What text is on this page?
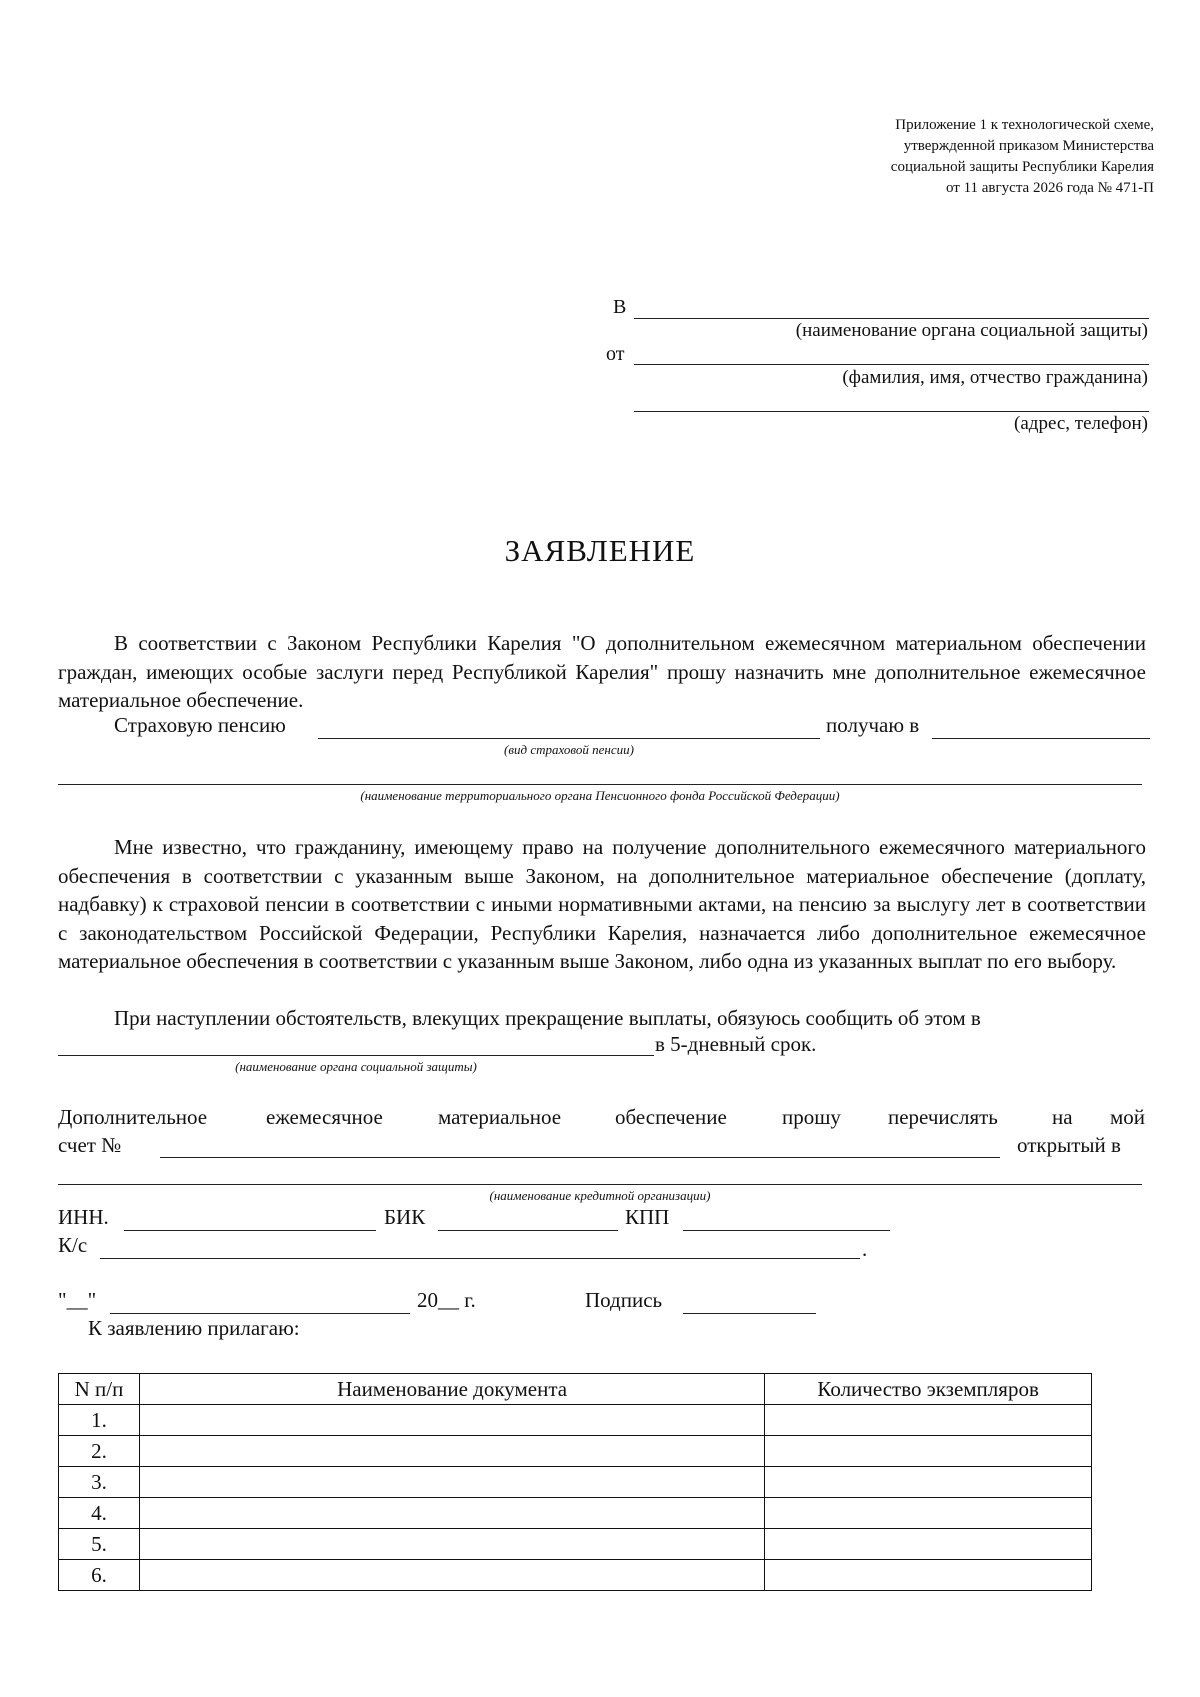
Приложение 1 к технологической схеме,
утвержденной приказом Министерства
социальной защиты Республики Карелия
от 11 августа 2026 года № 471-П
В
(наименование органа социальной защиты)
от
(фамилия, имя, отчество гражданина)
(адрес, телефон)
ЗАЯВЛЕНИЕ

В соответствии с Законом Республики Карелия "О дополнительном ежемесячном материальном обеспечении граждан, имеющих особые заслуги перед Республикой Карелия" прошу назначить мне дополнительное ежемесячное материальное обеспечение.

Страховую пенсию	получаю в
(вид страховой пенсии)
(наименование территориального органа Пенсионного фонда Российской Федерации)

Мне известно, что гражданину, имеющему право на получение дополнительного ежемесячного материального обеспечения в соответствии с указанным выше Законом, на дополнительное материальное обеспечение (доплату, надбавку) к страховой пенсии в соответствии с иными нормативными актами, на пенсию за выслугу лет в соответствии с законодательством Российской Федерации, Республики Карелия, назначается либо дополнительное ежемесячное материальное обеспечения в соответствии с указанным выше Законом, либо одна из указанных выплат по его выбору.

При наступлении обстоятельств, влекущих прекращение выплаты, обязуюсь сообщить об этом в

в 5-дневный срок.
(наименование органа социальной защиты)
Дополнительное	ежемесячное	материальное	обеспечение	прошу перечислять	на мой
счет №	открытый в
(наименование кредитной организации)
ИНН.	БИК	КПП
К/с	.
"__"	20__ г.	Подпись
К заявлению прилагаю:
N п/п	Наименование документа	Количество экземпляров
1.		
2.		
3.		
4.		
5.		
6.		
